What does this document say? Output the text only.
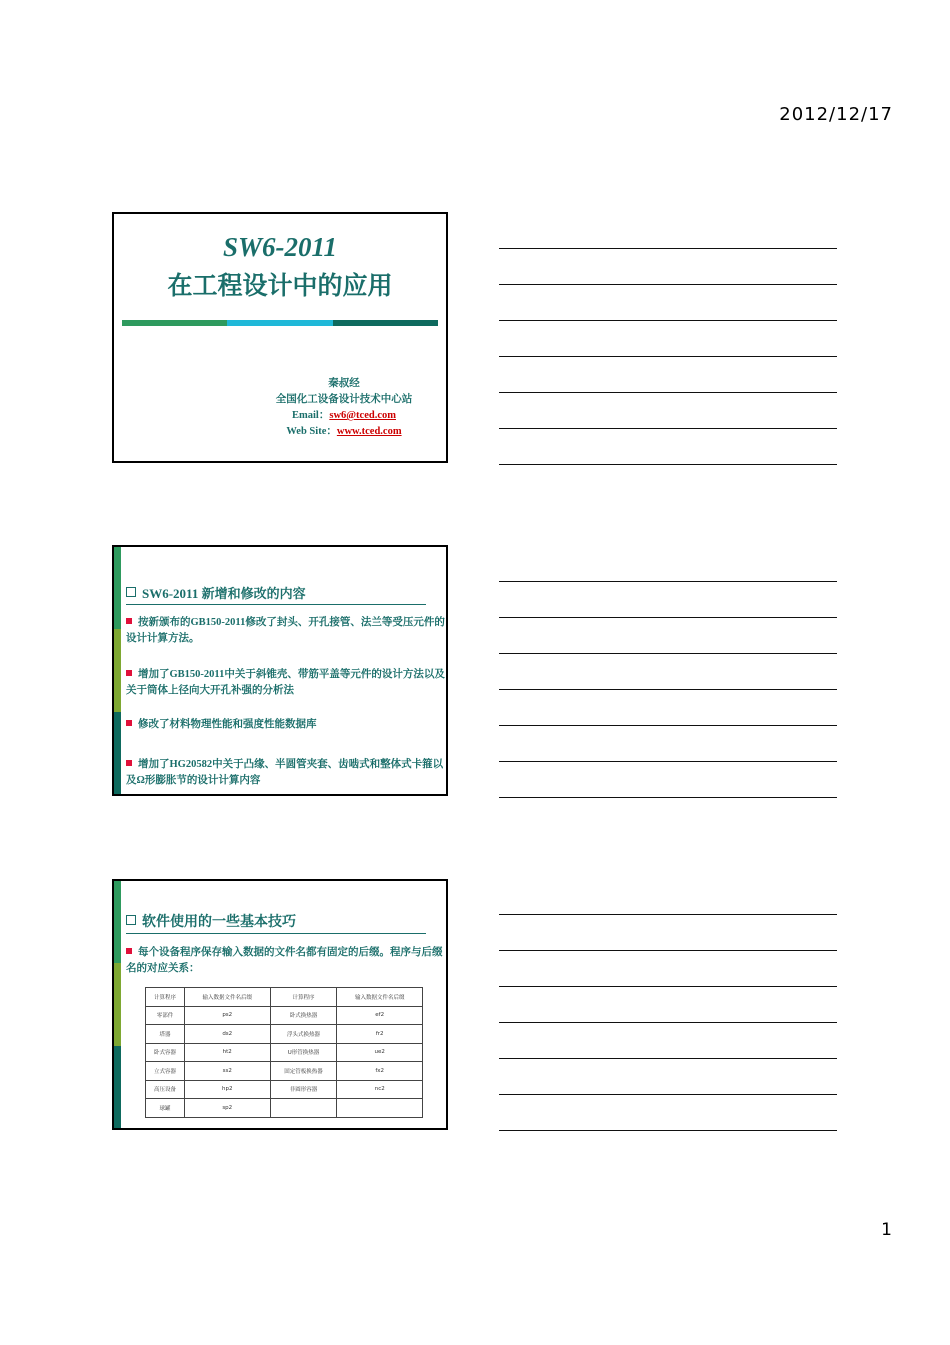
2012/12/17
SW6-2011
在工程设计中的应用
秦叔经
全国化工设备设计技术中心站
Email：sw6@tced.com
Web Site：www.tced.com
SW6-2011 新增和修改的内容
按新颁布的GB150-2011修改了封头、开孔接管、法兰等受压元件的设计计算方法。
增加了GB150-2011中关于斜锥壳、带筋平盖等元件的设计方法以及关于筒体上径向大开孔补强的分析法
修改了材料物理性能和强度性能数据库
增加了HG20582中关于凸缘、半圆管夹套、齿啮式和整体式卡箍以及Ω形膨胀节的设计计算内容
软件使用的一些基本技巧
每个设备程序保存输入数据的文件名都有固定的后缀。程序与后缀名的对应关系：
计算程序	输入数据文件名后缀	计算程序	输入数据文件名后缀
零部件	ps2	卧式换热器	ef2
塔器	ds2	浮头式换热器	fr2
卧式容器	ht2	U形管换热器	ue2
立式容器	ss2	固定管板换热器	fx2
高压设备	hp2	非圆形容器	nc2
球罐	sp2		
1
